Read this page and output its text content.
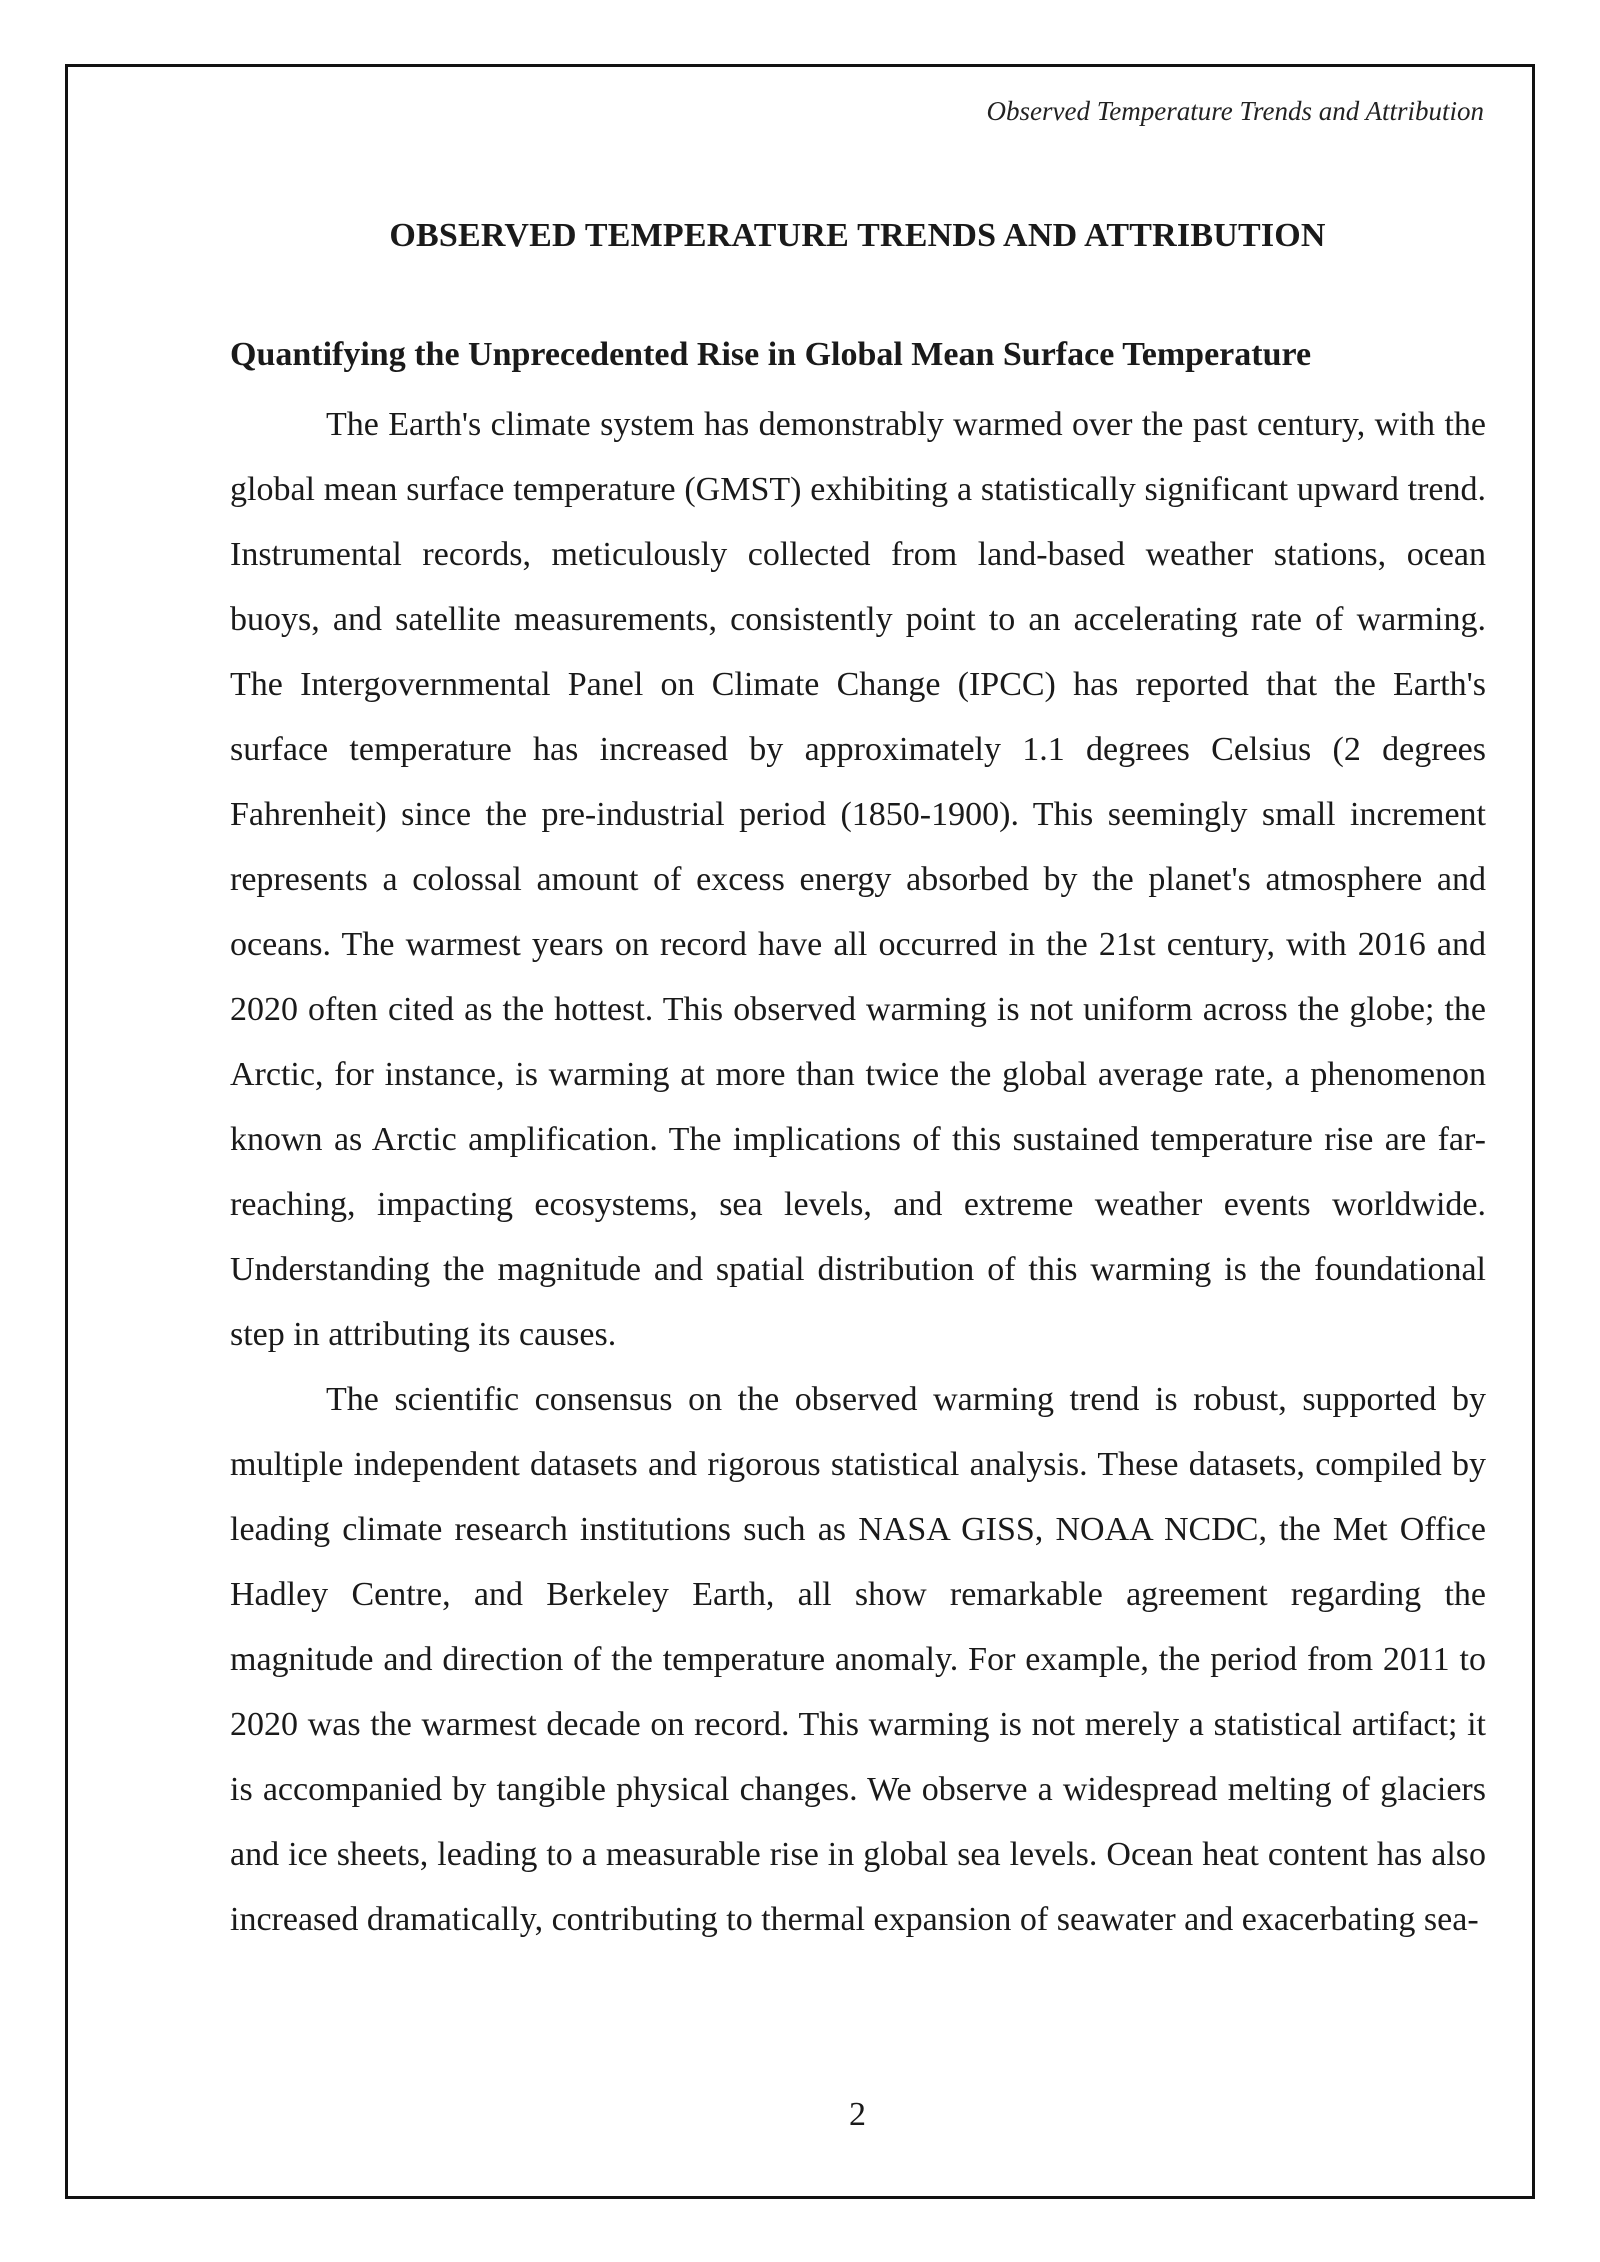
Observed Temperature Trends and Attribution
OBSERVED TEMPERATURE TRENDS AND ATTRIBUTION
Quantifying the Unprecedented Rise in Global Mean Surface Temperature

The Earth's climate system has demonstrably warmed over the past century, with the global mean surface temperature (GMST) exhibiting a statistically significant upward trend. Instrumental records, meticulously collected from land-based weather stations, ocean buoys, and satellite measurements, consistently point to an accelerating rate of warming. The Intergovernmental Panel on Climate Change (IPCC) has reported that the Earth's surface temperature has increased by approximately 1.1 degrees Celsius (2 degrees Fahrenheit) since the pre-industrial period (1850-1900). This seemingly small increment represents a colossal amount of excess energy absorbed by the planet's atmosphere and oceans. The warmest years on record have all occurred in the 21st century, with 2016 and 2020 often cited as the hottest. This observed warming is not uniform across the globe; the Arctic, for instance, is warming at more than twice the global average rate, a phenomenon known as Arctic amplification. The implications of this sustained temperature rise are far-reaching, impacting ecosystems, sea levels, and extreme weather events worldwide. Understanding the magnitude and spatial distribution of this warming is the foundational step in attributing its causes.

The scientific consensus on the observed warming trend is robust, supported by multiple independent datasets and rigorous statistical analysis. These datasets, compiled by leading climate research institutions such as NASA GISS, NOAA NCDC, the Met Office Hadley Centre, and Berkeley Earth, all show remarkable agreement regarding the magnitude and direction of the temperature anomaly. For example, the period from 2011 to 2020 was the warmest decade on record. This warming is not merely a statistical artifact; it is accompanied by tangible physical changes. We observe a widespread melting of glaciers and ice sheets, leading to a measurable rise in global sea levels. Ocean heat content has also increased dramatically, contributing to thermal expansion of seawater and exacerbating sea-

2
